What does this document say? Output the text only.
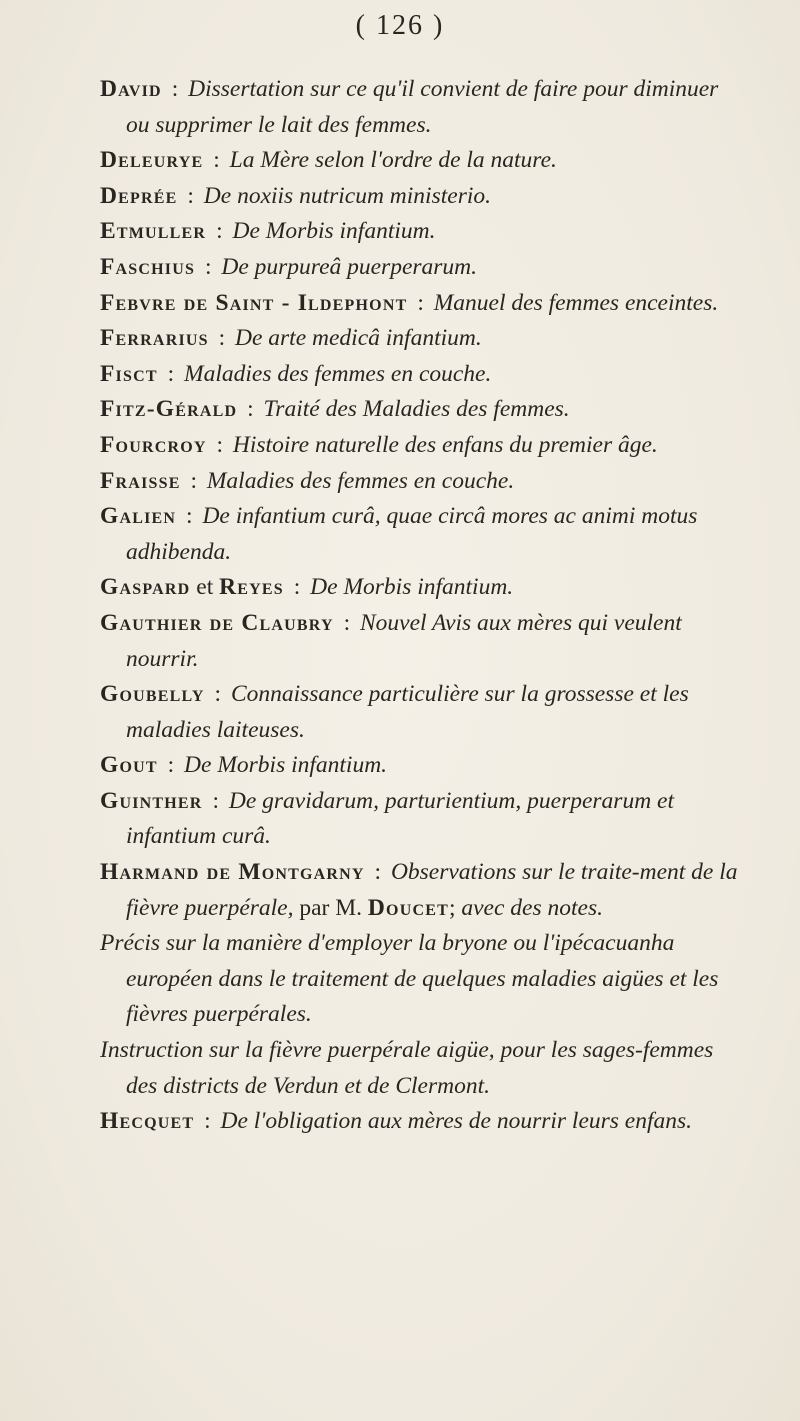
( 126 )

David : Dissertation sur ce qu'il convient de faire pour diminuer ou supprimer le lait des femmes.

Deleurye : La Mère selon l'ordre de la nature.

Deprée : De noxiis nutricum ministerio.

Etmuller : De Morbis infantium.

Faschius : De purpureâ puerperarum.

Febvre de Saint - Ildephont : Manuel des femmes enceintes.

Ferrarius : De arte medicâ infantium.

Fisct : Maladies des femmes en couche.

Fitz-Gérald : Traité des Maladies des femmes.

Fourcroy : Histoire naturelle des enfans du premier âge.

Fraisse : Maladies des femmes en couche.

Galien : De infantium curâ, quae circâ mores ac animi motus adhibenda.

Gaspard et Reyes : De Morbis infantium.

Gauthier de Claubry : Nouvel Avis aux mères qui veulent nourrir.

Goubelly : Connaissance particulière sur la grossesse et les maladies laiteuses.

Gout : De Morbis infantium.

Guinther : De gravidarum, parturientium, puerperarum et infantium curâ.

Harmand de Montgarny : Observations sur le traite-ment de la fièvre puerpérale, par M. Doucet; avec des notes.

Précis sur la manière d'employer la bryone ou l'ipécacuanha européen dans le traitement de quelques maladies aigües et les fièvres puerpérales.

Instruction sur la fièvre puerpérale aigüe, pour les sages-femmes des districts de Verdun et de Clermont.

Hecquet : De l'obligation aux mères de nourrir leurs enfans.
